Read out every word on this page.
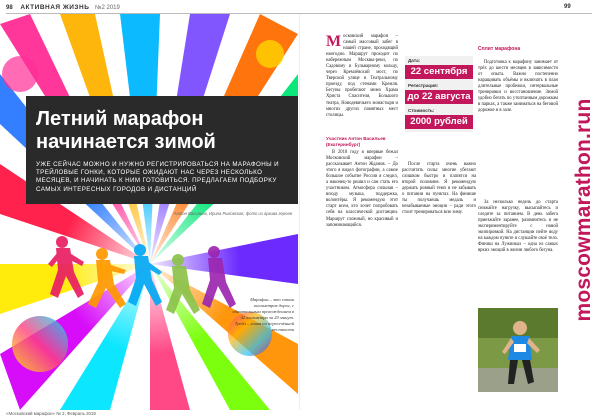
98 АКТИВНАЯ ЖИЗНЬ №2 2019	99
Летний марафон начинается зимой
УЖЕ СЕЙЧАС МОЖНО И НУЖНО РЕГИСТРИРОВАТЬСЯ НА МАРАФОНЫ И ТРЕЙЛОВЫЕ ГОНКИ, КОТОРЫЕ ОЖИДАЮТ НАС ЧЕРЕЗ НЕСКОЛЬКО МЕСЯЦЕВ, И НАЧИНАТЬ К НИМ ГОТОВИТЬСЯ. ПРЕДЛАГАЕМ ПОДБОРКУ САМЫХ ИНТЕРЕСНЫХ ГОРОДОВ И ДИСТАНЦИЙ
Антон Васильев, Ирина Рыковская, фото из архива героев
Марафон – это сотни километров дорог, с обязательным прохождением в 42 километра за 20 минут. Трейл – гонка по пересечённой местности
«Московский марафон» № 2, Февраль 2019
М осковский марафон – самый массовый забег в нашей стране, проходящий ежегодно. Маршрут проходит по набережным Москвы-реки, по Садовому и Бульварному кольцу, через Кремлёвский мост, по Тверской улице и Театральному проезду, под стенами Кремля. Бегуны пробегают мимо Храма Христа Спасителя, Большого театра, Новодевичьего монастыря и многих других памятных мест столицы.
Участник Антон Васильев (Екатеринбург)

В 2018 году я впервые бежал Московский марафон – рассказывает Антон Жданов. – До этого я видел фотографии, а самое большое событие России я следил, а наконец-то решил и сам стать его участником. Атмосфера сильная – всюду музыка, поддержка, волонтёры. Я рекомендую этот старт всем, кто хочет попробовать себя на классической дистанции. Маршрут сложный, но красивый и запоминающийся.

Дата:
22 сентября
Регистрация:
до 22 августа
Стоимость:
2000 рублей

После старта очень важно рассчитать силы: многие убегают слишком быстро и платятся на второй половине. Я рекомендую держать ровный темп и не забывать о питании на пунктах. На финише ты получаешь медаль и незабываемые эмоции – ради этого стоит тренироваться всю зиму.

Сплит марафона

Подготовка к марафону занимает от трёх до шести месяцев в зависимости от опыта. Важно постепенно наращивать объёмы и включать в план длительные пробежки, интервальные тренировки и восстановление. Зимой удобно бегать по утоптанным дорожкам в парках, а также заниматься на беговой дорожке и в зале.

За несколько недель до старта снижайте нагрузку, высыпайтесь и следите за питанием. В день забега приезжайте заранее, разомнитесь и не экспериментируйте с новой экипировкой. На дистанции пейте воду на каждом пункте и слушайте своё тело. Финиш на Лужниках – одна из самых ярких эмоций в жизни любого бегуна. moscowmarathon.run
